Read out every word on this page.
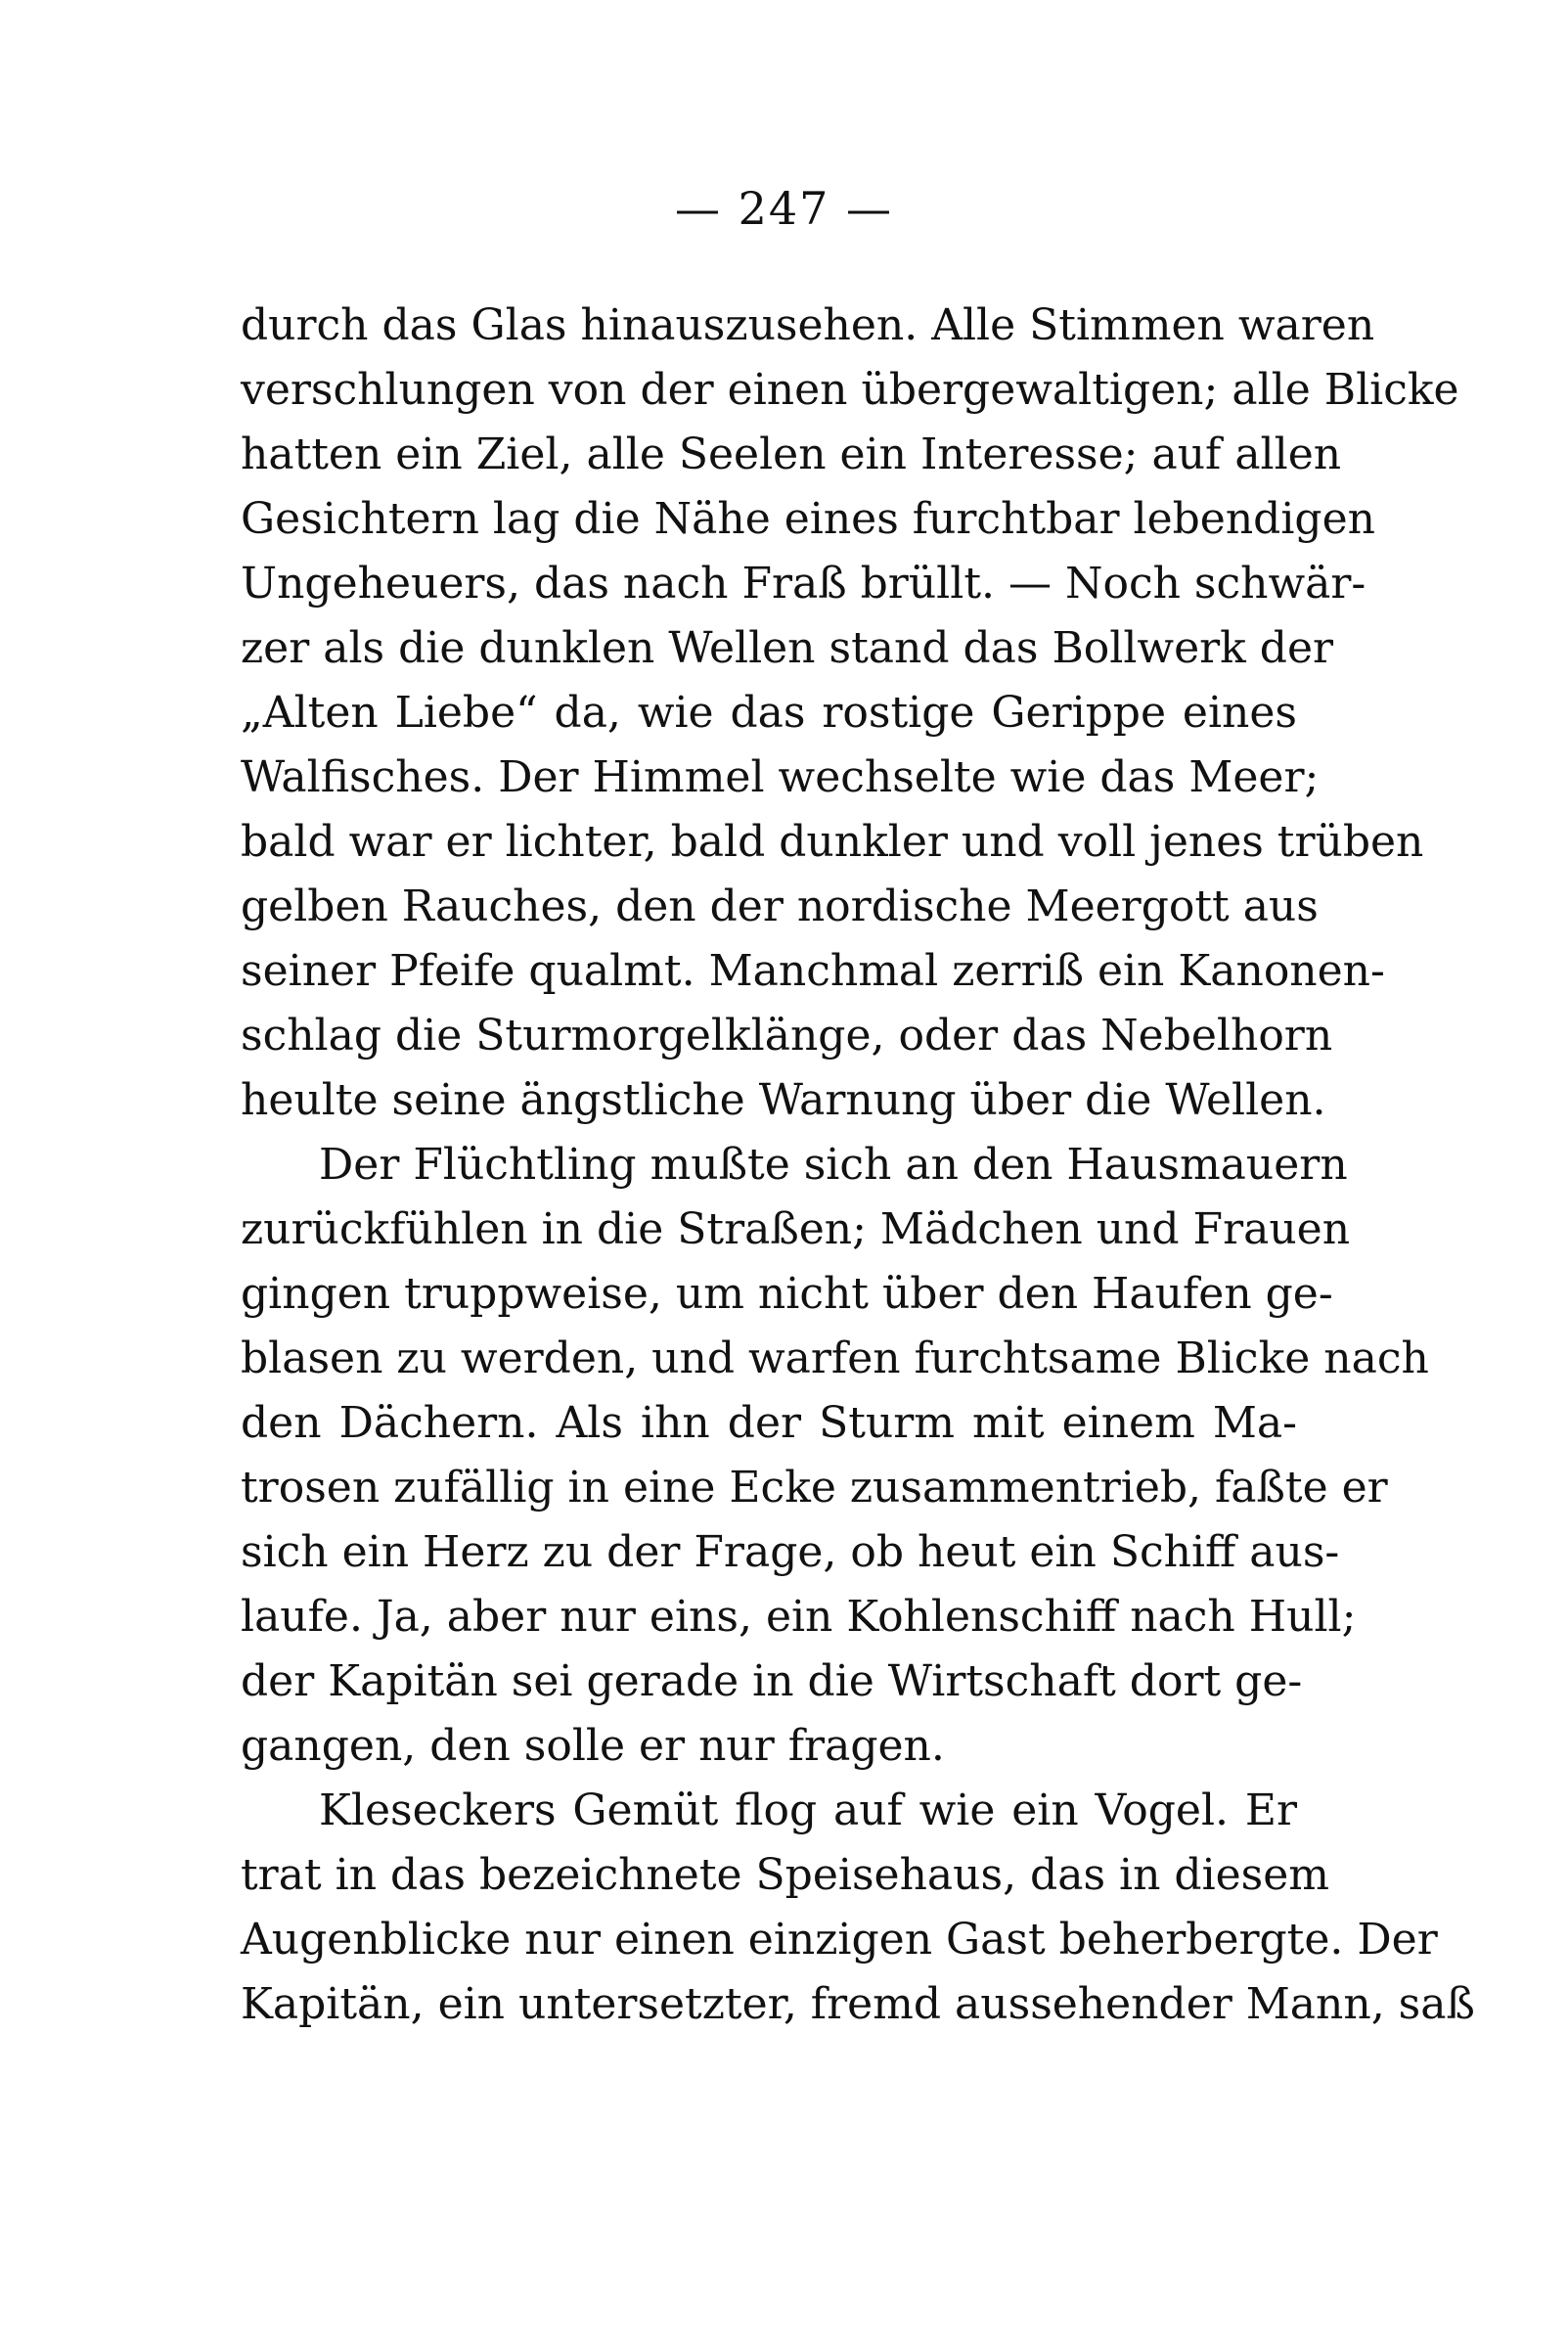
— 247 —
durch das Glas hinauszusehen. Alle Stimmen waren
verschlungen von der einen übergewaltigen; alle Blicke
hatten ein Ziel, alle Seelen ein Interesse; auf allen
Gesichtern lag die Nähe eines furchtbar lebendigen
Ungeheuers, das nach Fraß brüllt. — Noch schwär-
zer als die dunklen Wellen stand das Bollwerk der
„Alten Liebe“ da, wie das rostige Gerippe eines
Walfisches. Der Himmel wechselte wie das Meer;
bald war er lichter, bald dunkler und voll jenes trüben
gelben Rauches, den der nordische Meergott aus
seiner Pfeife qualmt. Manchmal zerriß ein Kanonen-
schlag die Sturmorgelklänge, oder das Nebelhorn
heulte seine ängstliche Warnung über die Wellen.
Der Flüchtling mußte sich an den Hausmauern
zurückfühlen in die Straßen; Mädchen und Frauen
gingen truppweise, um nicht über den Haufen ge-
blasen zu werden, und warfen furchtsame Blicke nach
den Dächern. Als ihn der Sturm mit einem Ma-
trosen zufällig in eine Ecke zusammentrieb, faßte er
sich ein Herz zu der Frage, ob heut ein Schiff aus-
laufe. Ja, aber nur eins, ein Kohlenschiff nach Hull;
der Kapitän sei gerade in die Wirtschaft dort ge-
gangen, den solle er nur fragen.
Kleseckers Gemüt flog auf wie ein Vogel. Er
trat in das bezeichnete Speisehaus, das in diesem
Augenblicke nur einen einzigen Gast beherbergte. Der
Kapitän, ein untersetzter, fremd aussehender Mann, saß
